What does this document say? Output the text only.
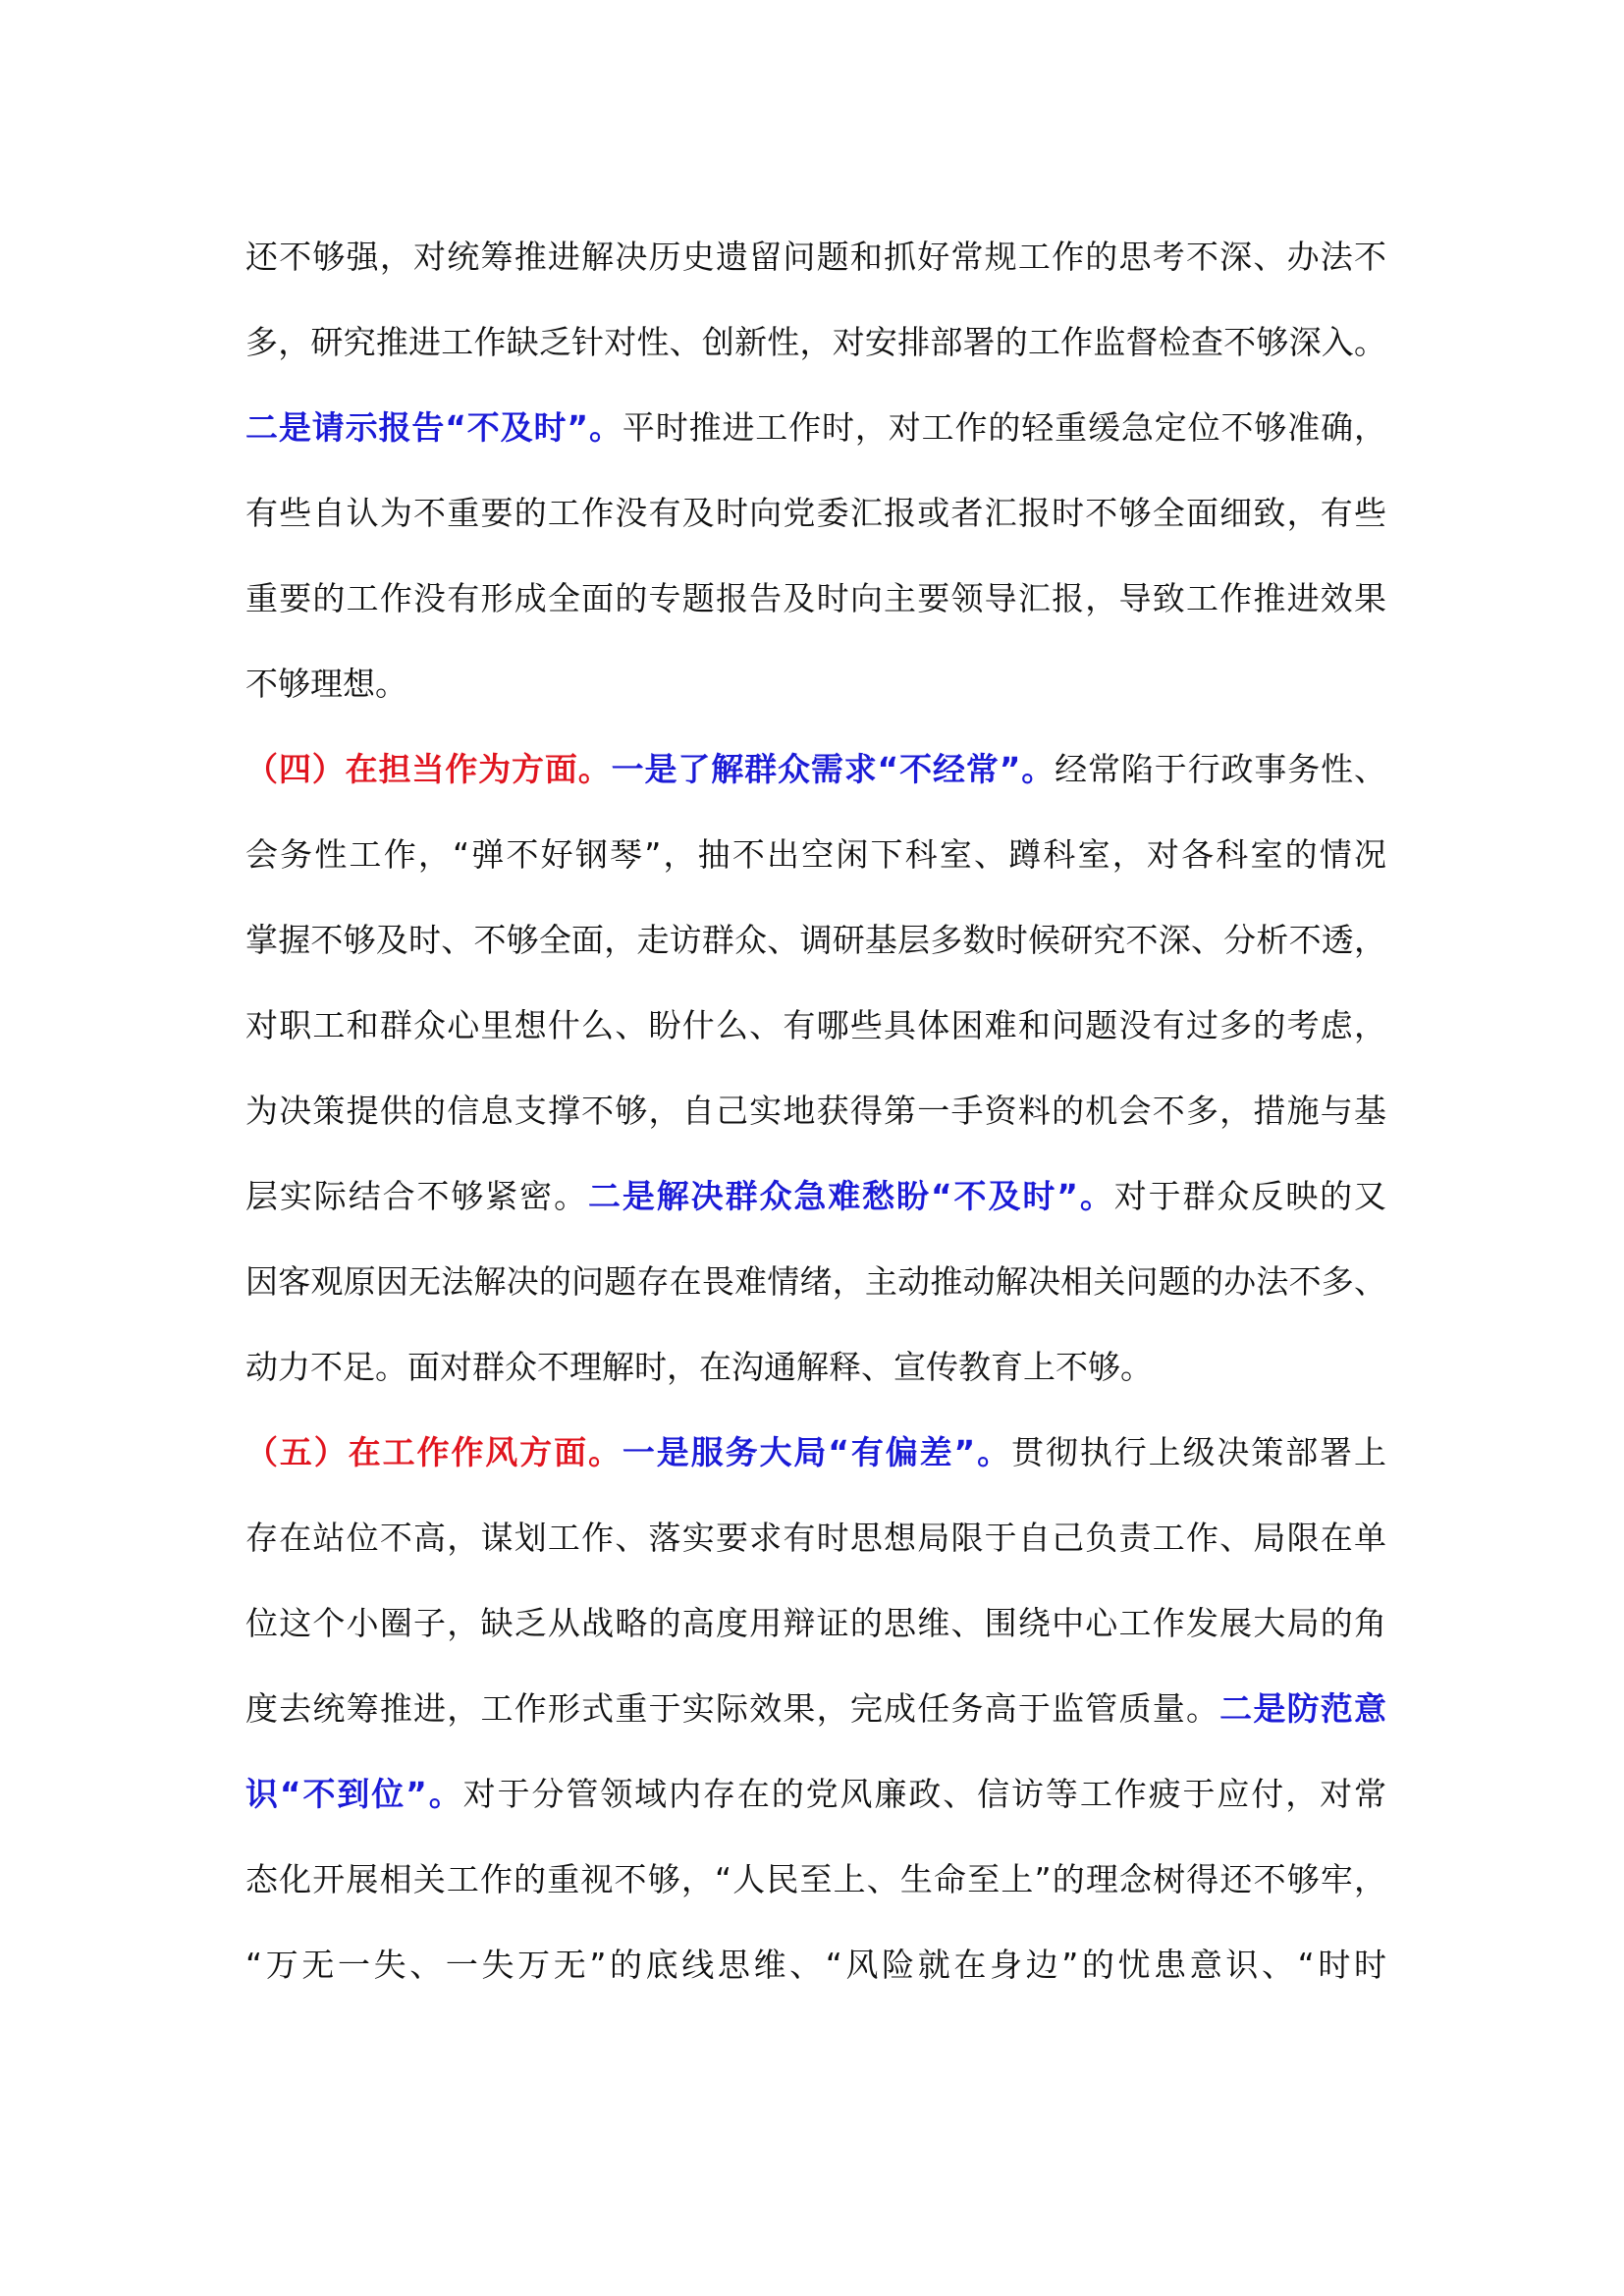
还不够强，对统筹推进解决历史遗留问题和抓好常规工作的思考不深、办法不
多，研究推进工作缺乏针对性、创新性，对安排部署的工作监督检查不够深入。
二是请示报告“不及时”。平时推进工作时，对工作的轻重缓急定位不够准确，
有些自认为不重要的工作没有及时向党委汇报或者汇报时不够全面细致，有些
重要的工作没有形成全面的专题报告及时向主要领导汇报，导致工作推进效果
不够理想。
（四）在担当作为方面。一是了解群众需求“不经常”。经常陷于行政事务性、
会务性工作，“弹不好钢琴”，抽不出空闲下科室、蹲科室，对各科室的情况
掌握不够及时、不够全面，走访群众、调研基层多数时候研究不深、分析不透，
对职工和群众心里想什么、盼什么、有哪些具体困难和问题没有过多的考虑，
为决策提供的信息支撑不够，自己实地获得第一手资料的机会不多，措施与基
层实际结合不够紧密。二是解决群众急难愁盼“不及时”。对于群众反映的又
因客观原因无法解决的问题存在畏难情绪，主动推动解决相关问题的办法不多、
动力不足。面对群众不理解时，在沟通解释、宣传教育上不够。
（五）在工作作风方面。一是服务大局“有偏差”。贯彻执行上级决策部署上
存在站位不高，谋划工作、落实要求有时思想局限于自己负责工作、局限在单
位这个小圈子，缺乏从战略的高度用辩证的思维、围绕中心工作发展大局的角
度去统筹推进，工作形式重于实际效果，完成任务高于监管质量。二是防范意
识“不到位”。对于分管领域内存在的党风廉政、信访等工作疲于应付，对常
态化开展相关工作的重视不够，“人民至上、生命至上”的理念树得还不够牢，
“万无一失、一失万无”的底线思维、“风险就在身边”的忧患意识、“时时
